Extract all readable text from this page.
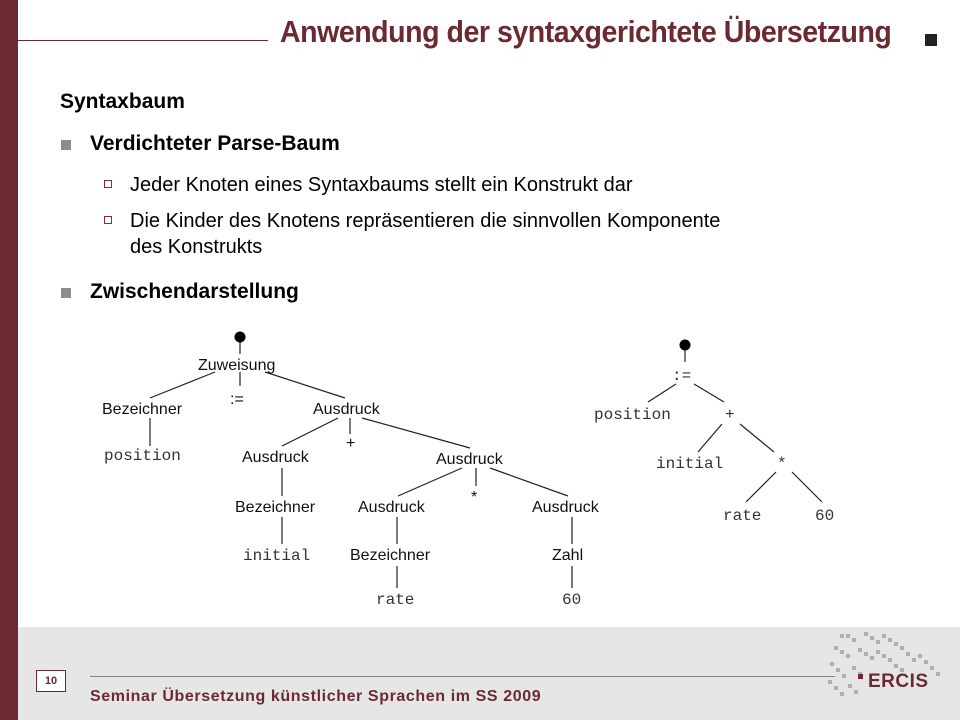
Anwendung der syntaxgerichtete Übersetzung
Syntaxbaum
Verdichteter Parse-Baum
Jeder Knoten eines Syntaxbaums stellt ein Konstrukt dar
Die Kinder des Knotens repräsentieren die sinnvollen Komponente
des Konstrukts
Zwischendarstellung
Zuweisung
Bezeichner
:=
Ausdruck
position	Ausdruck
+
Ausdruck
Bezeichner	Ausdruck
*
Ausdruck
initial Bezeichner	Zahl
rate	60
:=
position	+
initial	*
rate	60
10
Seminar Übersetzung künstlicher Sprachen im SS 2009
ERCIS
